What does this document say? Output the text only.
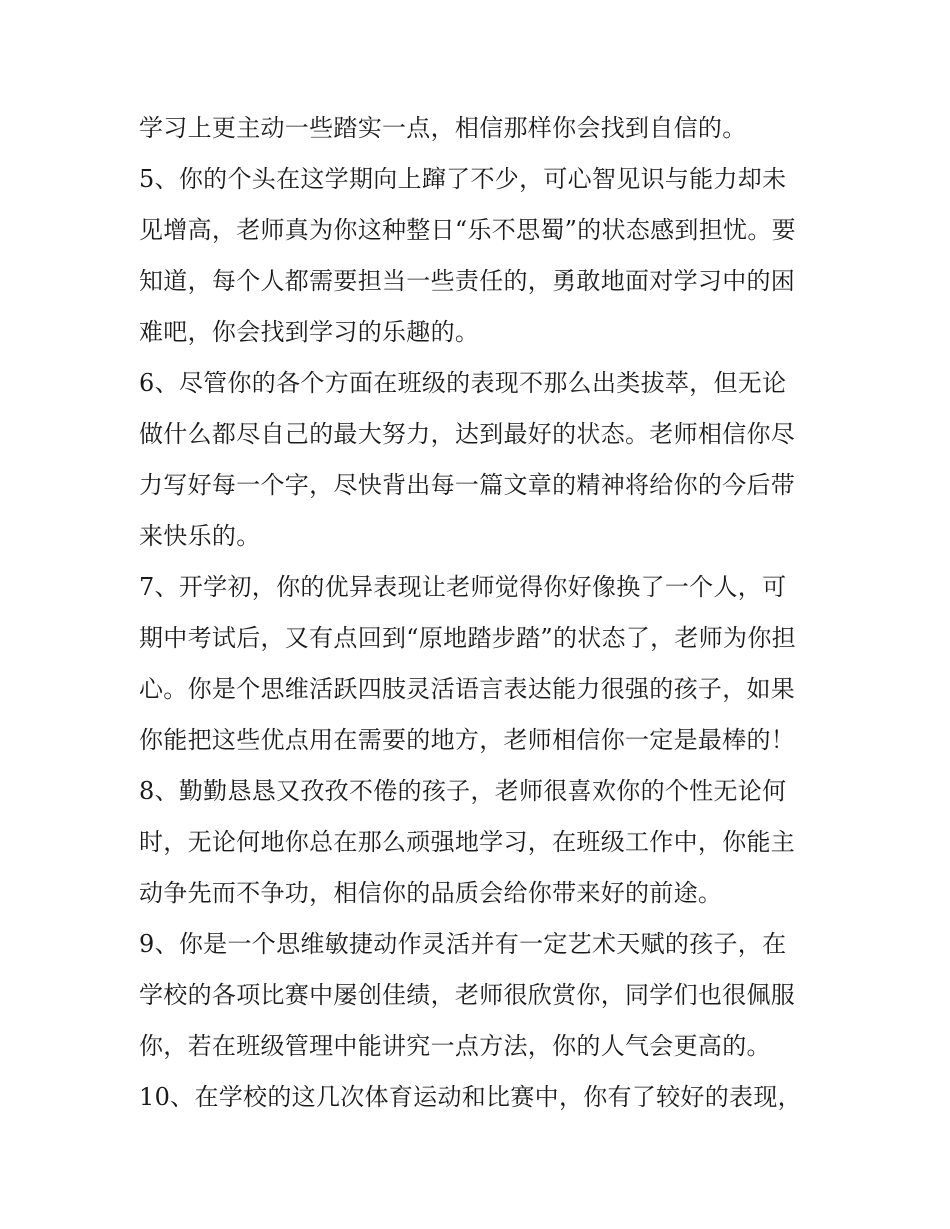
学习上更主动一些踏实一点，相信那样你会找到自信的。
5、你的个头在这学期向上蹿了不少，可心智见识与能力却未
见增高，老师真为你这种整日“乐不思蜀”的状态感到担忧。要
知道，每个人都需要担当一些责任的，勇敢地面对学习中的困
难吧，你会找到学习的乐趣的。
6、尽管你的各个方面在班级的表现不那么出类拔萃，但无论
做什么都尽自己的最大努力，达到最好的状态。老师相信你尽
力写好每一个字，尽快背出每一篇文章的精神将给你的今后带
来快乐的。
7、开学初，你的优异表现让老师觉得你好像换了一个人，可
期中考试后，又有点回到“原地踏步踏”的状态了，老师为你担
心。你是个思维活跃四肢灵活语言表达能力很强的孩子，如果
你能把这些优点用在需要的地方，老师相信你一定是最棒的！
8、勤勤恳恳又孜孜不倦的孩子，老师很喜欢你的个性无论何
时，无论何地你总在那么顽强地学习，在班级工作中，你能主
动争先而不争功，相信你的品质会给你带来好的前途。
9、你是一个思维敏捷动作灵活并有一定艺术天赋的孩子，在
学校的各项比赛中屡创佳绩，老师很欣赏你，同学们也很佩服
你，若在班级管理中能讲究一点方法，你的人气会更高的。
10、在学校的这几次体育运动和比赛中，你有了较好的表现，
